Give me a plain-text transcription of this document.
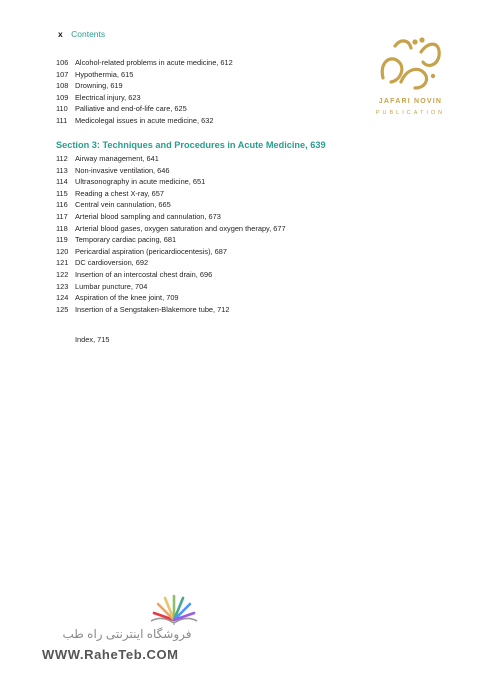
x Contents
JAFARI NOVIN
PUBLICATION
106 Alcohol-related problems in acute medicine, 612
107 Hypothermia, 615
108 Drowning, 619
109 Electrical injury, 623
110 Palliative and end-of-life care, 625
111 Medicolegal issues in acute medicine, 632
Section 3: Techniques and Procedures in Acute Medicine, 639
112 Airway management, 641
113 Non-invasive ventilation, 646
114 Ultrasonography in acute medicine, 651
115 Reading a chest X-ray, 657
116 Central vein cannulation, 665
117 Arterial blood sampling and cannulation, 673
118 Arterial blood gases, oxygen saturation and oxygen therapy, 677
119 Temporary cardiac pacing, 681
120 Pericardial aspiration (pericardiocentesis), 687
121 DC cardioversion, 692
122 Insertion of an intercostal chest drain, 696
123 Lumbar puncture, 704
124 Aspiration of the knee joint, 709
125 Insertion of a Sengstaken-Blakemore tube, 712
Index, 715
فروشگاه اینترنتی راه طب
WWW.RaheTeb.COM
